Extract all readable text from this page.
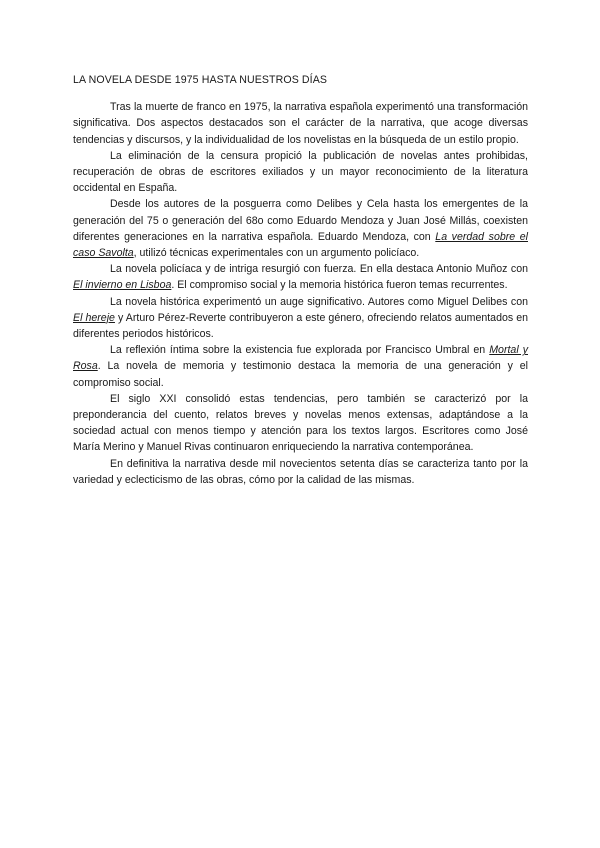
LA NOVELA DESDE 1975 HASTA NUESTROS DÍAS

Tras la muerte de franco en 1975, la narrativa española experimentó una transformación significativa. Dos aspectos destacados son el carácter de la narrativa, que acoge diversas tendencias y discursos, y la individualidad de los novelistas en la búsqueda de un estilo propio.

La eliminación de la censura propició la publicación de novelas antes prohibidas, recuperación de obras de escritores exiliados y un mayor reconocimiento de la literatura occidental en España.

Desde los autores de la posguerra como Delibes y Cela hasta los emergentes de la generación del 75 o generación del 68o como Eduardo Mendoza y Juan José Millás, coexisten diferentes generaciones en la narrativa española. Eduardo Mendoza, con La verdad sobre el caso Savolta, utilizó técnicas experimentales con un argumento policíaco.

La novela policíaca y de intriga resurgió con fuerza. En ella destaca Antonio Muñoz con El invierno en Lisboa. El compromiso social y la memoria histórica fueron temas recurrentes.

La novela histórica experimentó un auge significativo. Autores como Miguel Delibes con El hereje y Arturo Pérez-Reverte contribuyeron a este género, ofreciendo relatos aumentados en diferentes periodos históricos.

La reflexión íntima sobre la existencia fue explorada por Francisco Umbral en Mortal y Rosa. La novela de memoria y testimonio destaca la memoria de una generación y el compromiso social.

El siglo XXI consolidó estas tendencias, pero también se caracterizó por la preponderancia del cuento, relatos breves y novelas menos extensas, adaptándose a la sociedad actual con menos tiempo y atención para los textos largos. Escritores como José María Merino y Manuel Rivas continuaron enriqueciendo la narrativa contemporánea.

En definitiva la narrativa desde mil novecientos setenta días se caracteriza tanto por la variedad y eclecticismo de las obras, cómo por la calidad de las mismas.
